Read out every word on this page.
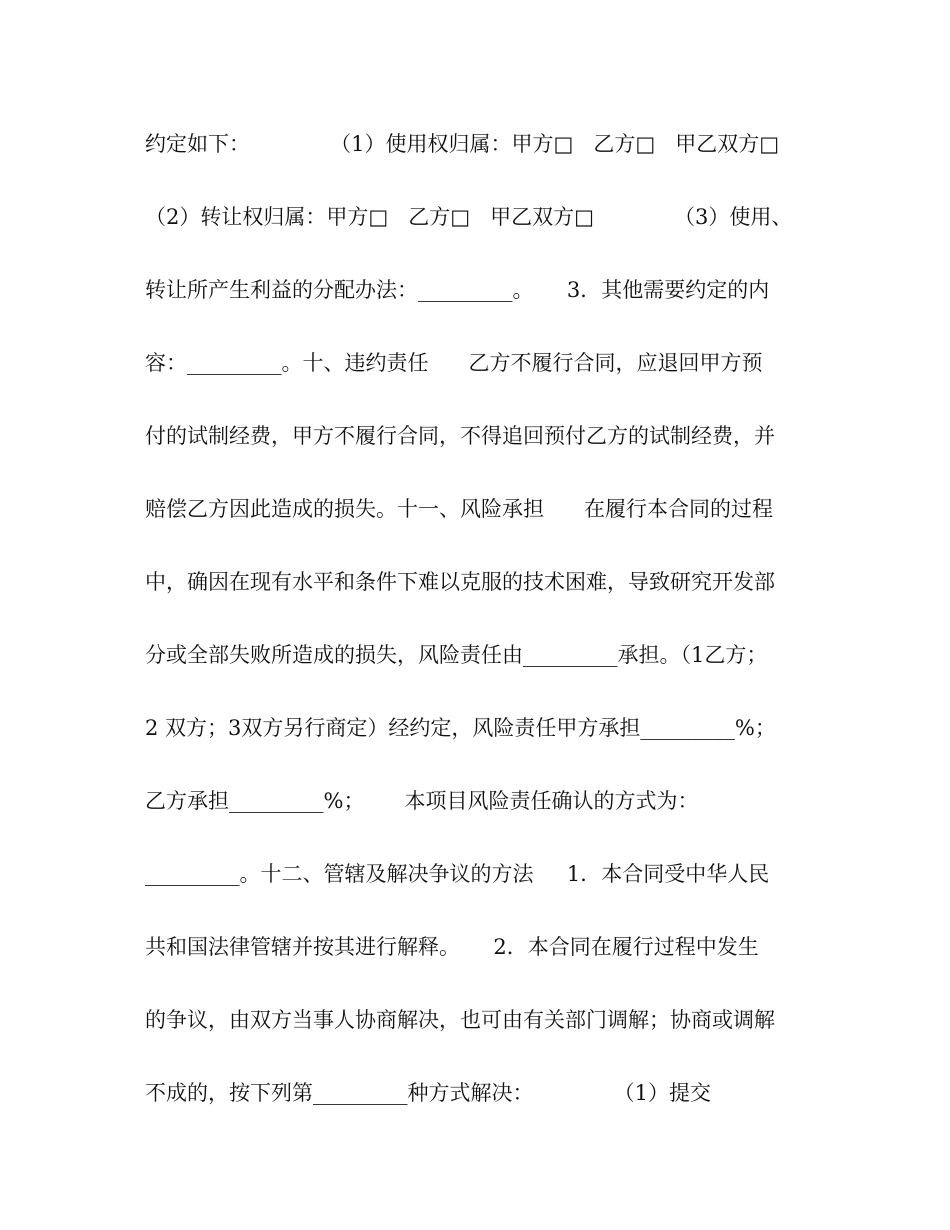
约定如下：            （1）使用权归属：甲方□   乙方□   甲乙双方□
（2）转让权归属：甲方□   乙方□   甲乙双方□            （3）使用、
转让所产生利益的分配办法：_________。     3．其他需要约定的内
容：_________。十、违约责任      乙方不履行合同，应退回甲方预
付的试制经费，甲方不履行合同，不得追回预付乙方的试制经费，并
赔偿乙方因此造成的损失。十一、风险承担      在履行本合同的过程
中，确因在现有水平和条件下难以克服的技术困难，导致研究开发部
分或全部失败所造成的损失，风险责任由_________承担。（1乙方；
2 双方；3双方另行商定）经约定，风险责任甲方承担_________%；
乙方承担_________%；      本项目风险责任确认的方式为：
_________。十二、管辖及解决争议的方法     1．本合同受中华人民
共和国法律管辖并按其进行解释。     2．本合同在履行过程中发生
的争议，由双方当事人协商解决，也可由有关部门调解；协商或调解
不成的，按下列第_________种方式解决：            （1）提交
